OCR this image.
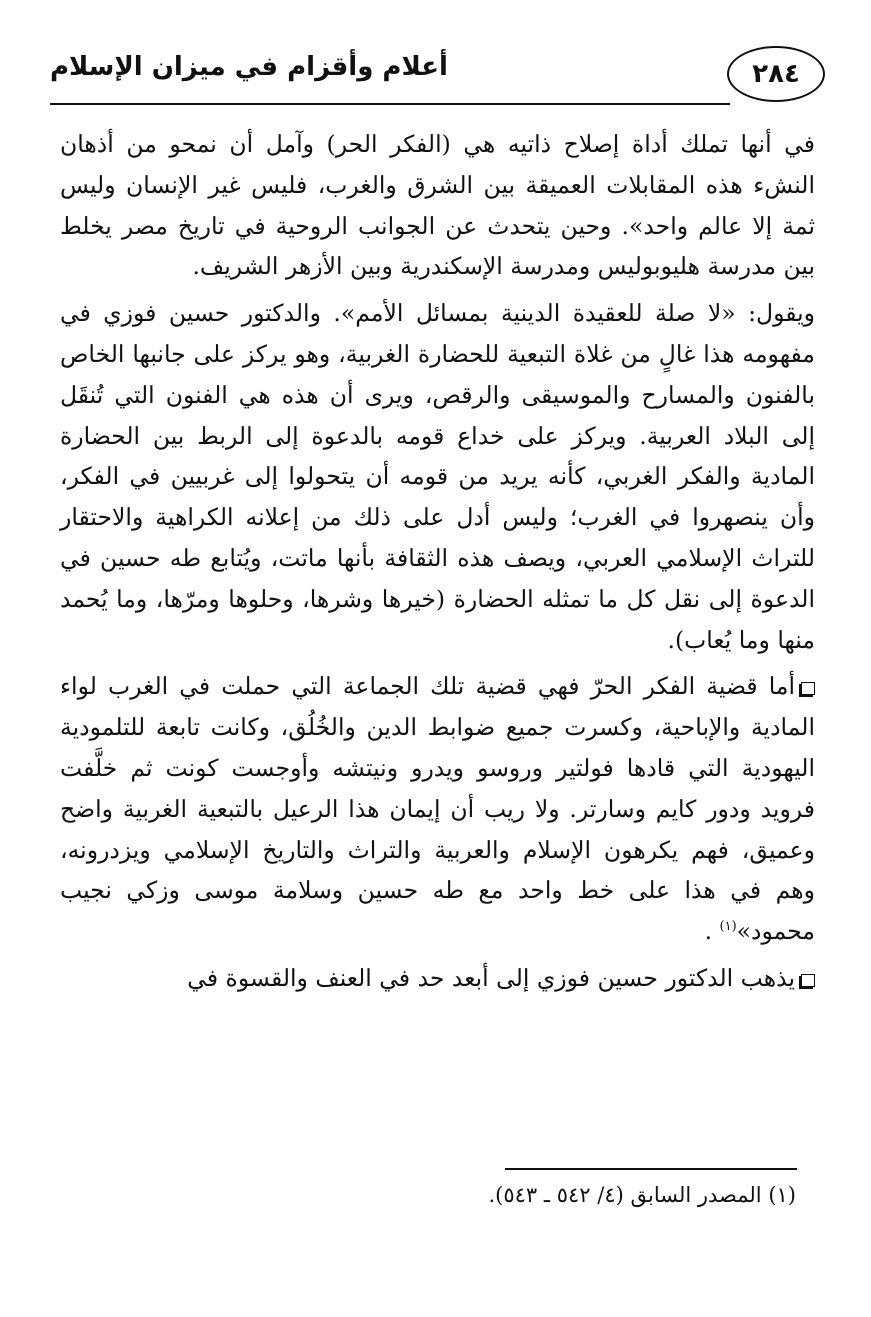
٢٨٤
أعلام وأقزام في ميزان الإسلام

في أنها تملك أداة إصلاح ذاتيه هي (الفكر الحر) وآمل أن نمحو من أذهان النشء هذه المقابلات العميقة بين الشرق والغرب، فليس غير الإنسان وليس ثمة إلا عالم واحد». وحين يتحدث عن الجوانب الروحية في تاريخ مصر يخلط بين مدرسة هليوبوليس ومدرسة الإسكندرية وبين الأزهر الشريف.

ويقول: «لا صلة للعقيدة الدينية بمسائل الأمم». والدكتور حسين فوزي في مفهومه هذا غالٍ من غلاة التبعية للحضارة الغربية، وهو يركز على جانبها الخاص بالفنون والمسارح والموسيقى والرقص، ويرى أن هذه هي الفنون التي تُنقَل إلى البلاد العربية. ويركز على خداع قومه بالدعوة إلى الربط بين الحضارة المادية والفكر الغربي، كأنه يريد من قومه أن يتحولوا إلى غربيين في الفكر، وأن ينصهروا في الغرب؛ وليس أدل على ذلك من إعلانه الكراهية والاحتقار للتراث الإسلامي العربي، ويصف هذه الثقافة بأنها ماتت، ويُتابع طه حسين في الدعوة إلى نقل كل ما تمثله الحضارة (خيرها وشرها، وحلوها ومرّها، وما يُحمد منها وما يُعاب).

أما قضية الفكر الحرّ فهي قضية تلك الجماعة التي حملت في الغرب لواء المادية والإباحية، وكسرت جميع ضوابط الدين والخُلُق، وكانت تابعة للتلمودية اليهودية التي قادها فولتير وروسو ويدرو ونيتشه وأوجست كونت ثم خلَّفت فرويد ودور كايم وسارتر. ولا ريب أن إيمان هذا الرعيل بالتبعية الغربية واضح وعميق، فهم يكرهون الإسلام والعربية والتراث والتاريخ الإسلامي ويزدرونه، وهم في هذا على خط واحد مع طه حسين وسلامة موسى وزكي نجيب محمود»$^{(١)}$ .

يذهب الدكتور حسين فوزي إلى أبعد حد في العنف والقسوة في

(١) المصدر السابق (٤/ ٥٤٢ ـ ٥٤٣).
